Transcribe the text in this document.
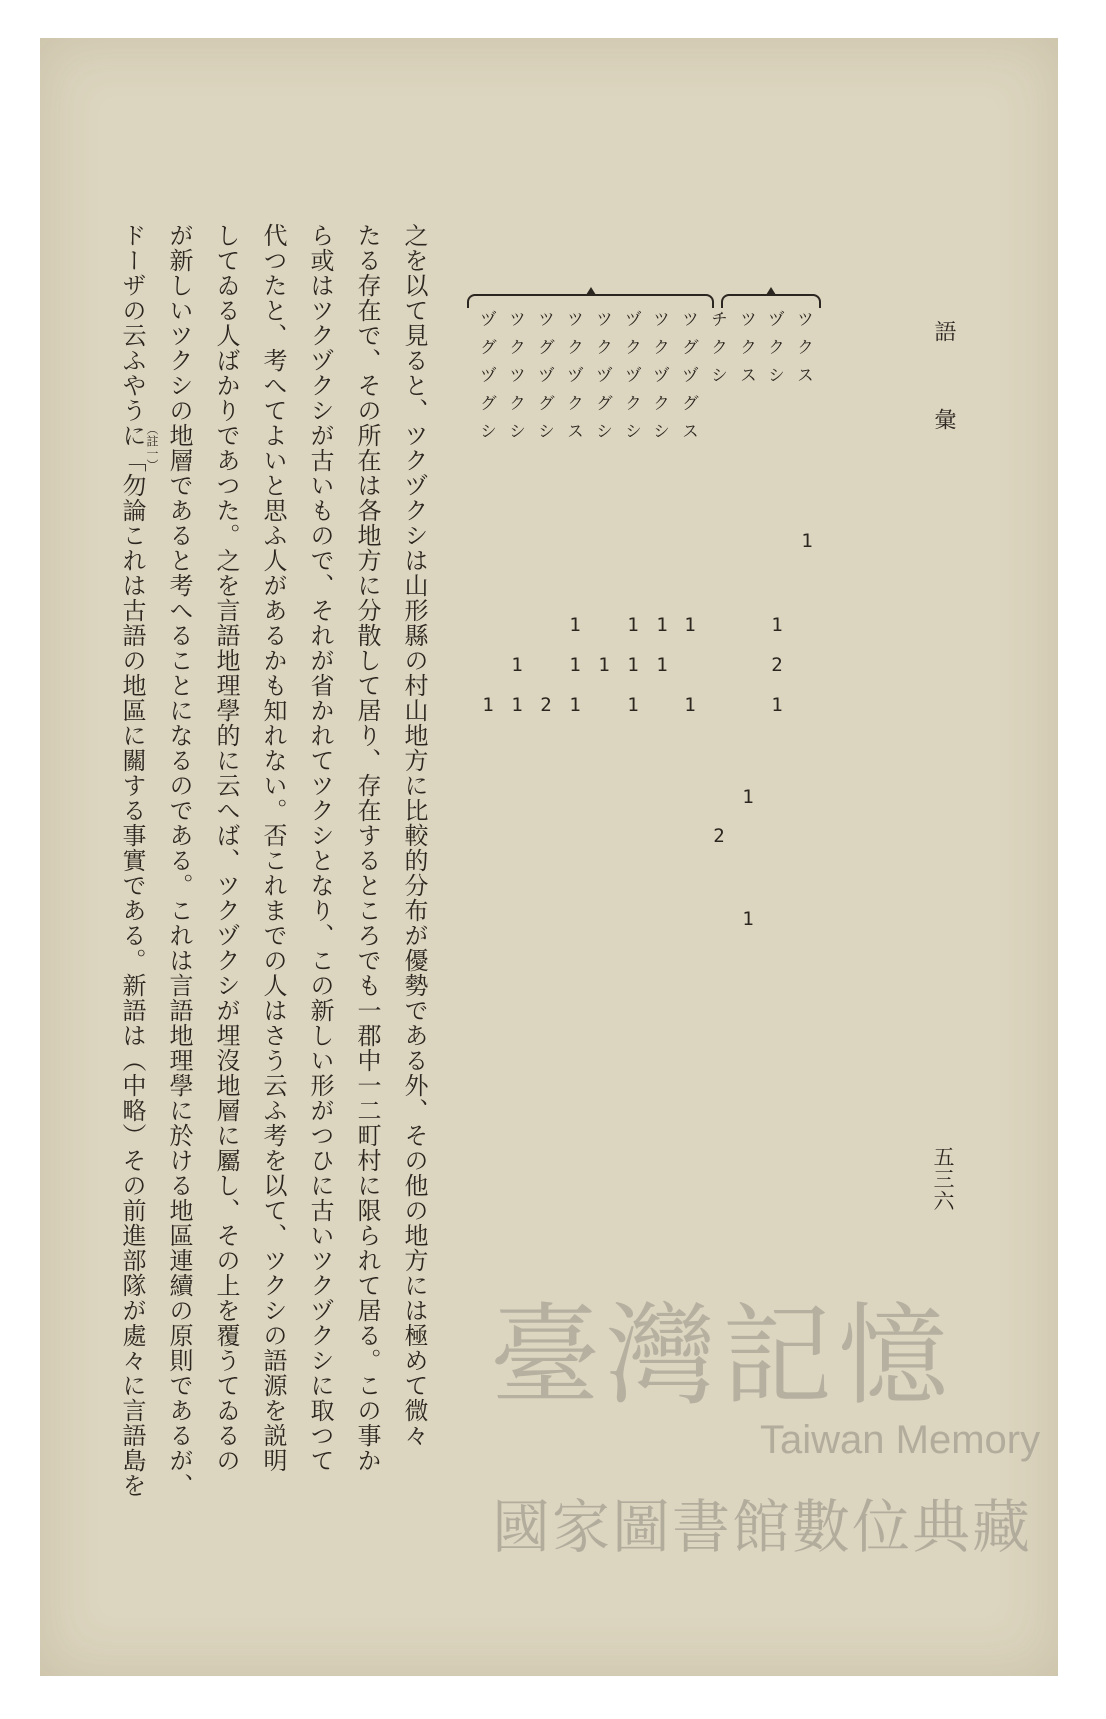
語彙
五三六
ツクス
ヅクシ
ツクス
チクシ
ツグヅグス
ツクヅクシ
ヅクヅクシ
ツクヅグシ
ツクヅクス
ツグヅグシ
ツクツクシ
ヅグヅグシ
1
1
1
1
1
2
1
1
1
1
1
1
2
1
1	1
1
2
1
1
1
1
之を以て見ると、ツクヅクシは山形縣の村山地方に比較的分布が優勢である外、その他の地方には極めて微々
たる存在で、その所在は各地方に分散して居り、存在するところでも一郡中一二町村に限られて居る。この事か
ら或はツクヅクシが古いもので、それが省かれてツクシとなり、この新しい形がつひに古いツクヅクシに取つて
代つたと、考へてよいと思ふ人があるかも知れない。否これまでの人はさう云ふ考を以て、ツクシの語源を説明
してゐる人ばかりであつた。之を言語地理學的に云へば、ツクヅクシが埋沒地層に屬し、その上を覆うてゐるの
が新しいツクシの地層であると考へることになるのである。これは言語地理學に於ける地區連續の原則であるが、
ドーザの云ふやうに「勿論これは古語の地區に關する事實である。新語は（中略）その前進部隊が處々に言語島を （註一）
臺灣記憶
Taiwan Memory
國家圖書館數位典藏
